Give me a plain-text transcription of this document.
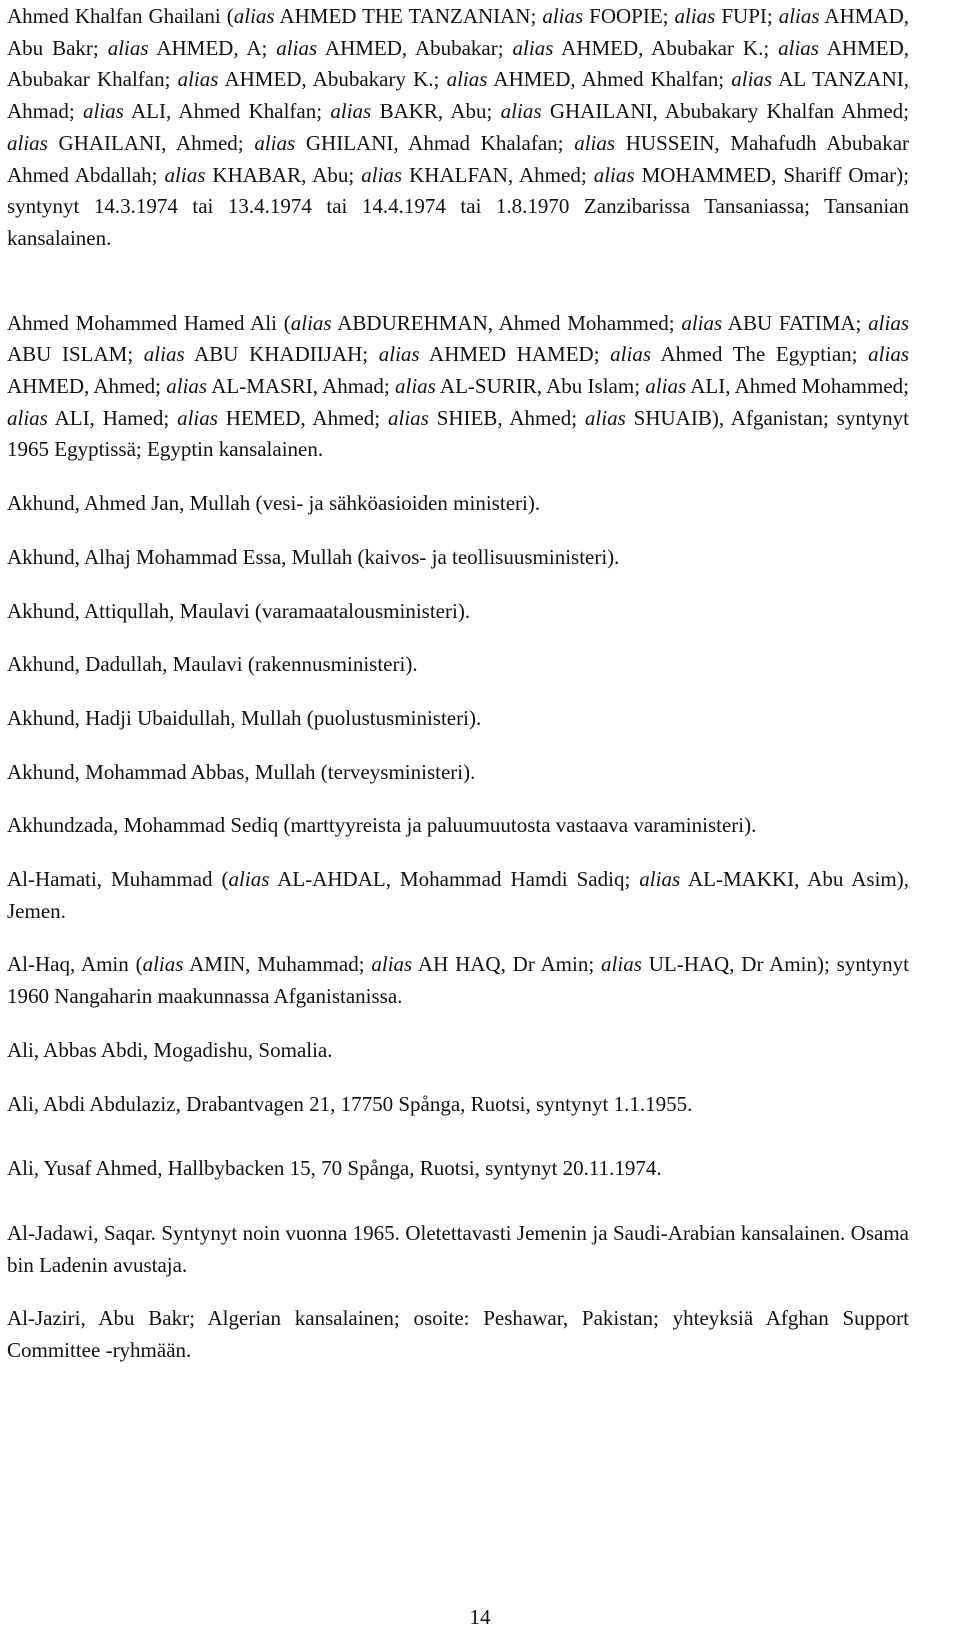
Ahmed Khalfan Ghailani (alias AHMED THE TANZANIAN; alias FOOPIE; alias FUPI; alias AHMAD, Abu Bakr; alias AHMED, A; alias AHMED, Abubakar; alias AHMED, Abubakar K.; alias AHMED, Abubakar Khalfan; alias AHMED, Abubakary K.; alias AHMED, Ahmed Khalfan; alias AL TANZANI, Ahmad; alias ALI, Ahmed Khalfan; alias BAKR, Abu; alias GHAILANI, Abubakary Khalfan Ahmed; alias GHAILANI, Ahmed; alias GHILANI, Ahmad Khalafan; alias HUSSEIN, Mahafudh Abubakar Ahmed Abdallah; alias KHABAR, Abu; alias KHALFAN, Ahmed; alias MOHAMMED, Shariff Omar); syntynyt 14.3.1974 tai 13.4.1974 tai 14.4.1974 tai 1.8.1970 Zanzibarissa Tansaniassa; Tansanian kansalainen.

Ahmed Mohammed Hamed Ali (alias ABDUREHMAN, Ahmed Mohammed; alias ABU FATIMA; alias ABU ISLAM; alias ABU KHADIIJAH; alias AHMED HAMED; alias Ahmed The Egyptian; alias AHMED, Ahmed; alias AL-MASRI, Ahmad; alias AL-SURIR, Abu Islam; alias ALI, Ahmed Mohammed; alias ALI, Hamed; alias HEMED, Ahmed; alias SHIEB, Ahmed; alias SHUAIB), Afganistan; syntynyt 1965 Egyptissä; Egyptin kansalainen.

Akhund, Ahmed Jan, Mullah (vesi- ja sähköasioiden ministeri).

Akhund, Alhaj Mohammad Essa, Mullah (kaivos- ja teollisuusministeri).

Akhund, Attiqullah, Maulavi (varamaatalousministeri).

Akhund, Dadullah, Maulavi (rakennusministeri).

Akhund, Hadji Ubaidullah, Mullah (puolustusministeri).

Akhund, Mohammad Abbas, Mullah (terveysministeri).

Akhundzada, Mohammad Sediq (marttyyreista ja paluumuutosta vastaava varaministeri).

Al-Hamati, Muhammad (alias AL-AHDAL, Mohammad Hamdi Sadiq; alias AL-MAKKI, Abu Asim), Jemen.

Al-Haq, Amin (alias AMIN, Muhammad; alias AH HAQ, Dr Amin; alias UL-HAQ, Dr Amin); syntynyt 1960 Nangaharin maakunnassa Afganistanissa.

Ali, Abbas Abdi, Mogadishu, Somalia.

Ali, Abdi Abdulaziz, Drabantvagen 21, 17750 Spånga, Ruotsi, syntynyt 1.1.1955.

Ali, Yusaf Ahmed, Hallbybacken 15, 70 Spånga, Ruotsi, syntynyt 20.11.1974.

Al-Jadawi, Saqar. Syntynyt noin vuonna 1965. Oletettavasti Jemenin ja Saudi-Arabian kansalainen. Osama bin Ladenin avustaja.

Al-Jaziri, Abu Bakr; Algerian kansalainen; osoite: Peshawar, Pakistan; yhteyksiä Afghan Support Committee -ryhmään.

14
